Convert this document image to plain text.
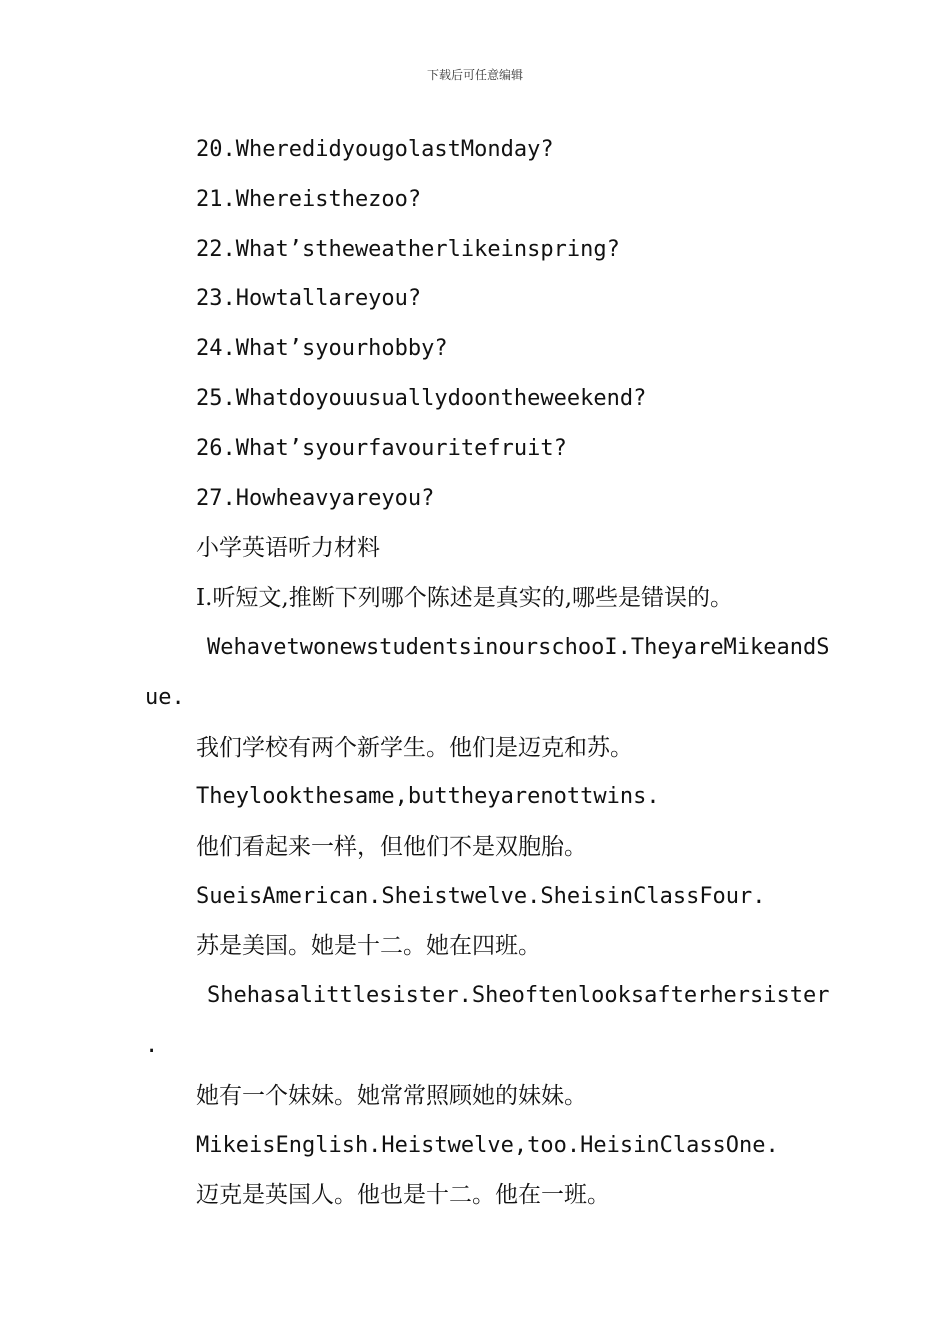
下载后可任意编辑
20.WheredidyougolastMonday?
21.Whereisthezoo?
22.What’stheweatherlikeinspring?
23.Howtallareyou?
24.What’syourhobby?
25.Whatdoyouusuallydoontheweekend?
26.What’syourfavouritefruit?
27.Howheavyareyou?
小学英语听力材料
I.听短文,推断下列哪个陈述是真实的,哪些是错误的。
WehavetwonewstudentsinourschooI.TheyareMikeandS
ue.
我们学校有两个新学生。他们是迈克和苏。
Theylookthesame,buttheyarenottwins.
他们看起来一样，但他们不是双胞胎。
SueisAmerican.Sheistwelve.SheisinClassFour.
苏是美国。她是十二。她在四班。
Shehasalittlesister.Sheoftenlooksafterhersister
.
她有一个妹妹。她常常照顾她的妹妹。
MikeisEnglish.Heistwelve,too.HeisinClassOne.
迈克是英国人。他也是十二。他在一班。
